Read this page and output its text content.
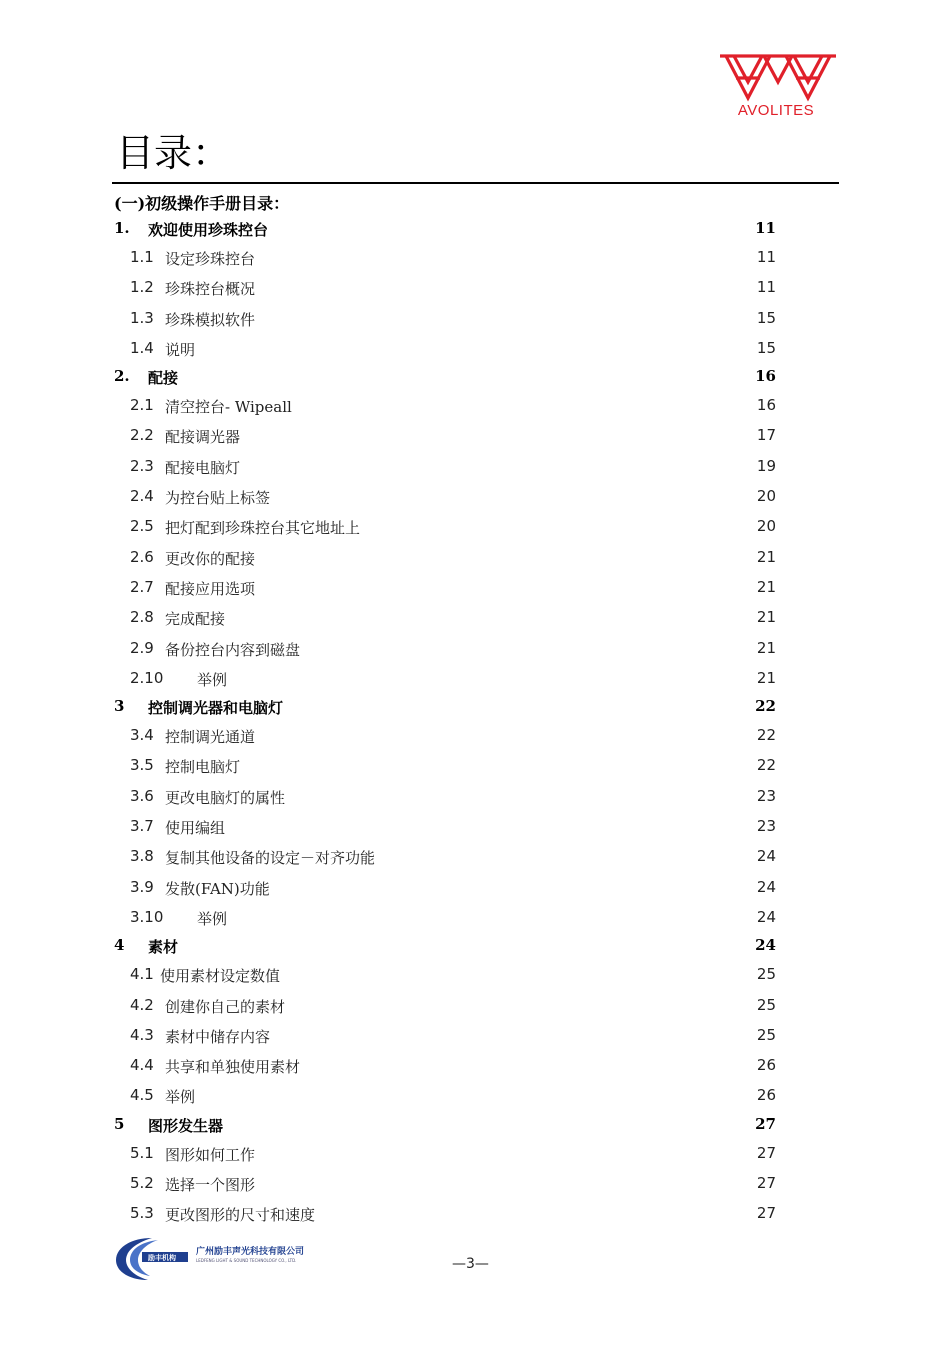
AVOLITES
目录：
(一)初级操作手册目录：
1. 欢迎使用珍珠控台	11
1.1 设定珍珠控台	11
1.2 珍珠控台概况	11
1.3 珍珠模拟软件	15
1.4 说明	15
2. 配接	16
2.1 清空控台- Wipeall	16
2.2 配接调光器	17
2.3 配接电脑灯	19
2.4 为控台贴上标签	20
2.5 把灯配到珍珠控台其它地址上	20
2.6 更改你的配接	21
2.7 配接应用选项	21
2.8 完成配接	21
2.9 备份控台内容到磁盘	21
2.10 举例	21
3 控制调光器和电脑灯	22
3.4 控制调光通道	22
3.5 控制电脑灯	22
3.6 更改电脑灯的属性	23
3.7 使用编组	23
3.8 复制其他设备的设定－对齐功能	24
3.9 发散(FAN)功能	24
3.10 举例	24
4 素材	24
4.1 使用素材设定数值	25
4.2 创建你自己的素材	25
4.3 素材中储存内容	25
4.4 共享和单独使用素材	26
4.5 举例	26
5 图形发生器	27
5.1 图形如何工作	27
5.2 选择一个图形	27
5.3 更改图形的尺寸和速度	27
励丰机构
广州励丰声光科技有限公司
LEDFENG LIGHT & SOUND TECHNOLOGY CO., LTD.	—3—
